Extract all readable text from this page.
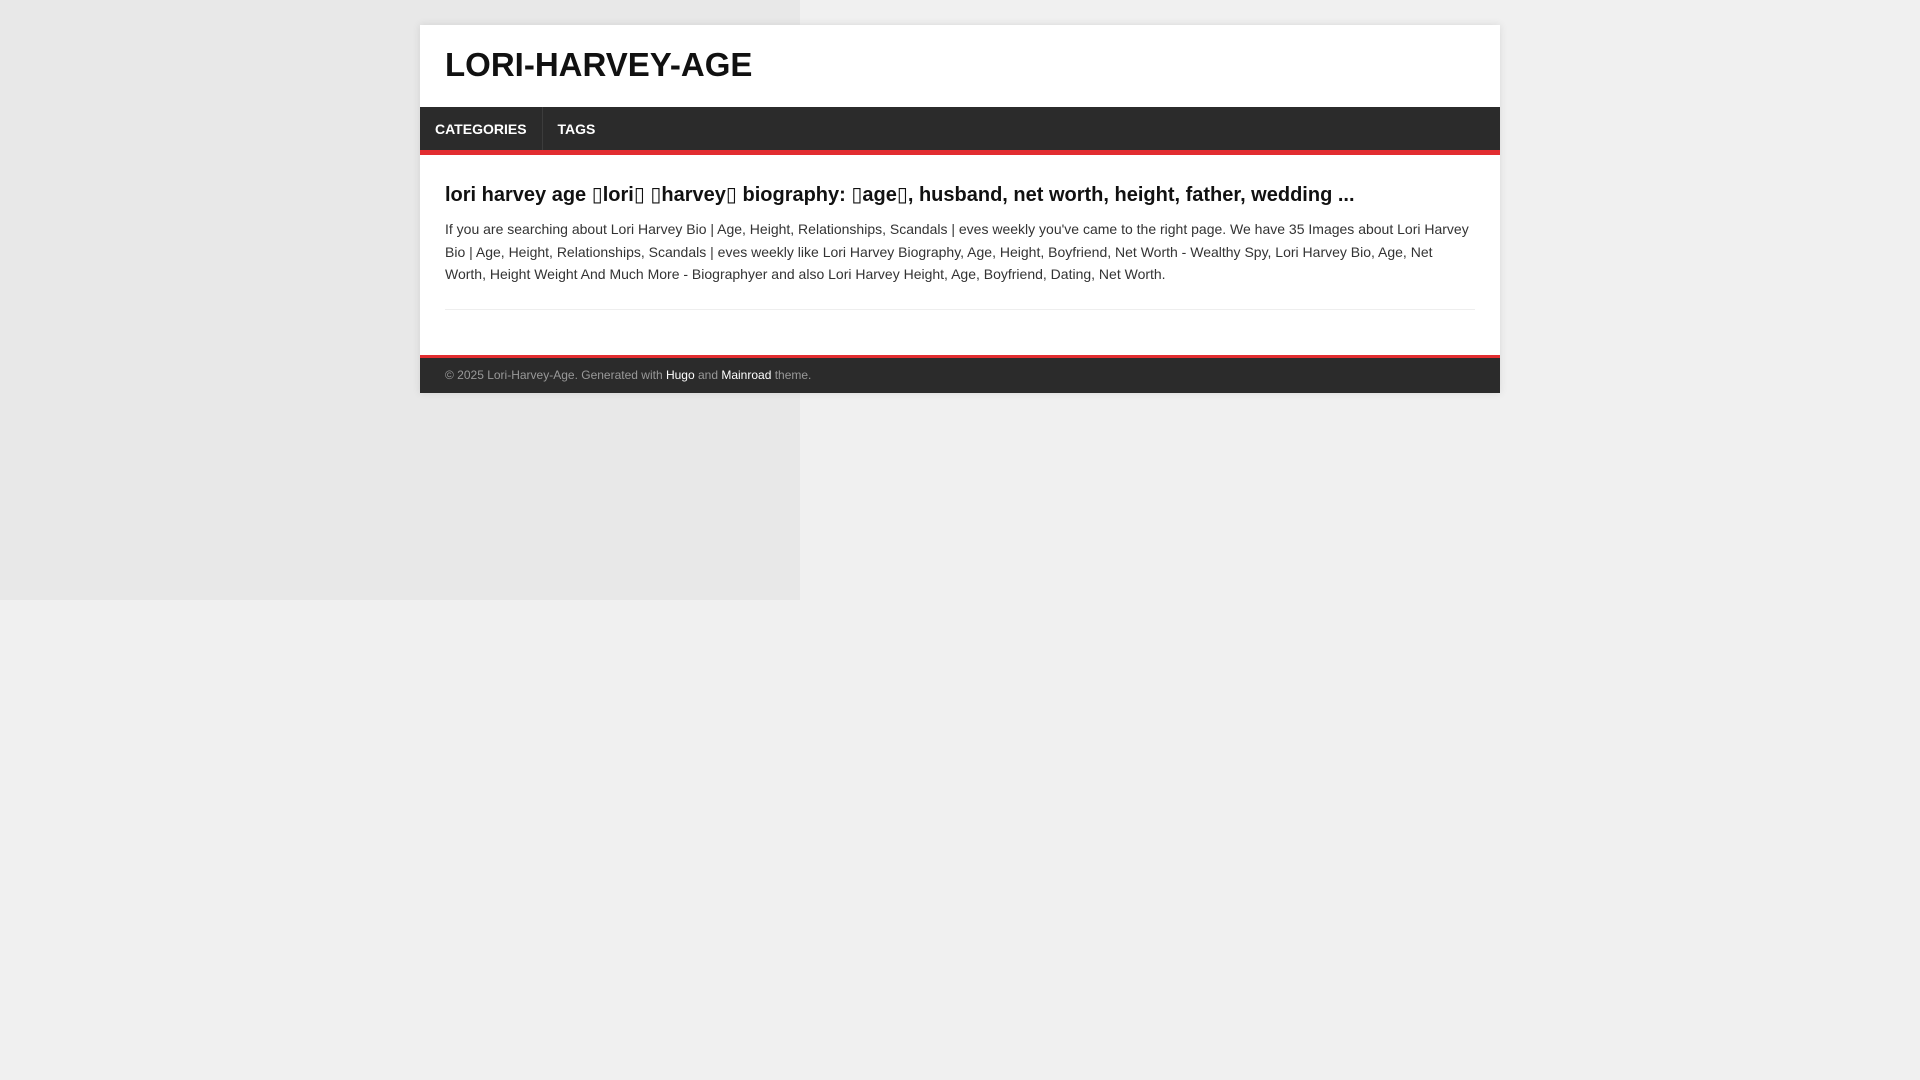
LORI-HARVEY-AGE
CATEGORIES	TAGS
lori harvey age ▯lori▯ ▯harvey▯ biography: ▯age▯, husband, net worth, height, father, wedding ...

If you are searching about Lori Harvey Bio | Age, Height, Relationships, Scandals | eves weekly you've came to the right page. We have 35 Images about Lori Harvey Bio | Age, Height, Relationships, Scandals | eves weekly like Lori Harvey Biography, Age, Height, Boyfriend, Net Worth - Wealthy Spy, Lori Harvey Bio, Age, Net Worth, Height Weight And Much More - Biographyer and also Lori Harvey Height, Age, Boyfriend, Dating, Net Worth.

© 2025 Lori-Harvey-Age. Generated with Hugo and Mainroad theme.
